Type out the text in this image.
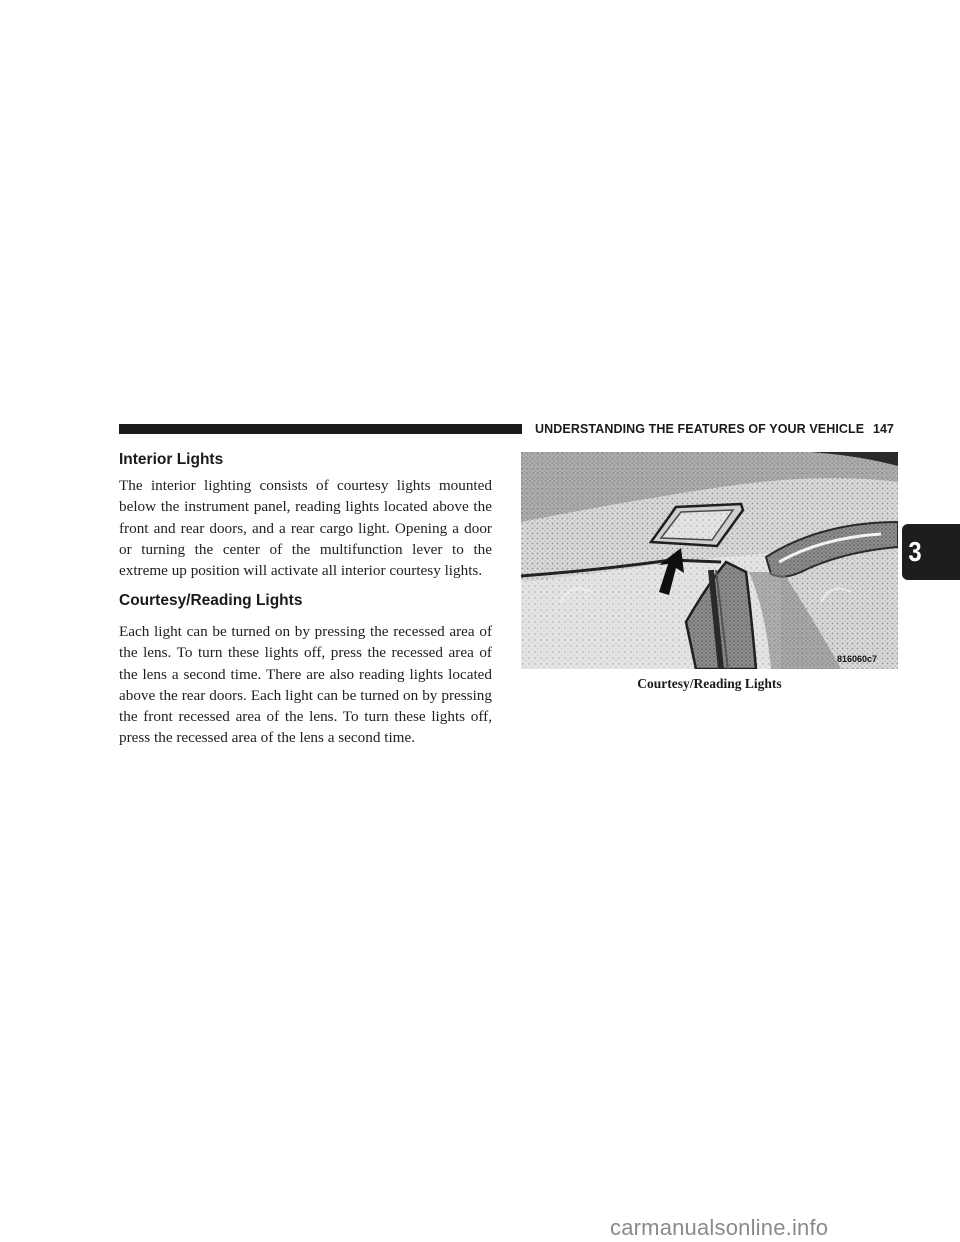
UNDERSTANDING THE FEATURES OF YOUR VEHICLE 147
3
Interior Lights

The interior lighting consists of courtesy lights mounted below the instrument panel, reading lights located above the front and rear doors, and a rear cargo light. Opening a door or turning the center of the multifunction lever to the extreme up position will activate all interior courtesy lights.

Courtesy/Reading Lights

Each light can be turned on by pressing the recessed area of the lens. To turn these lights off, press the recessed area of the lens a second time. There are also reading lights located above the rear doors. Each light can be turned on by pressing the front recessed area of the lens. To turn these lights off, press the recessed area of the lens a second time.

816060c7
Courtesy/Reading Lights
carmanualsonline.info
